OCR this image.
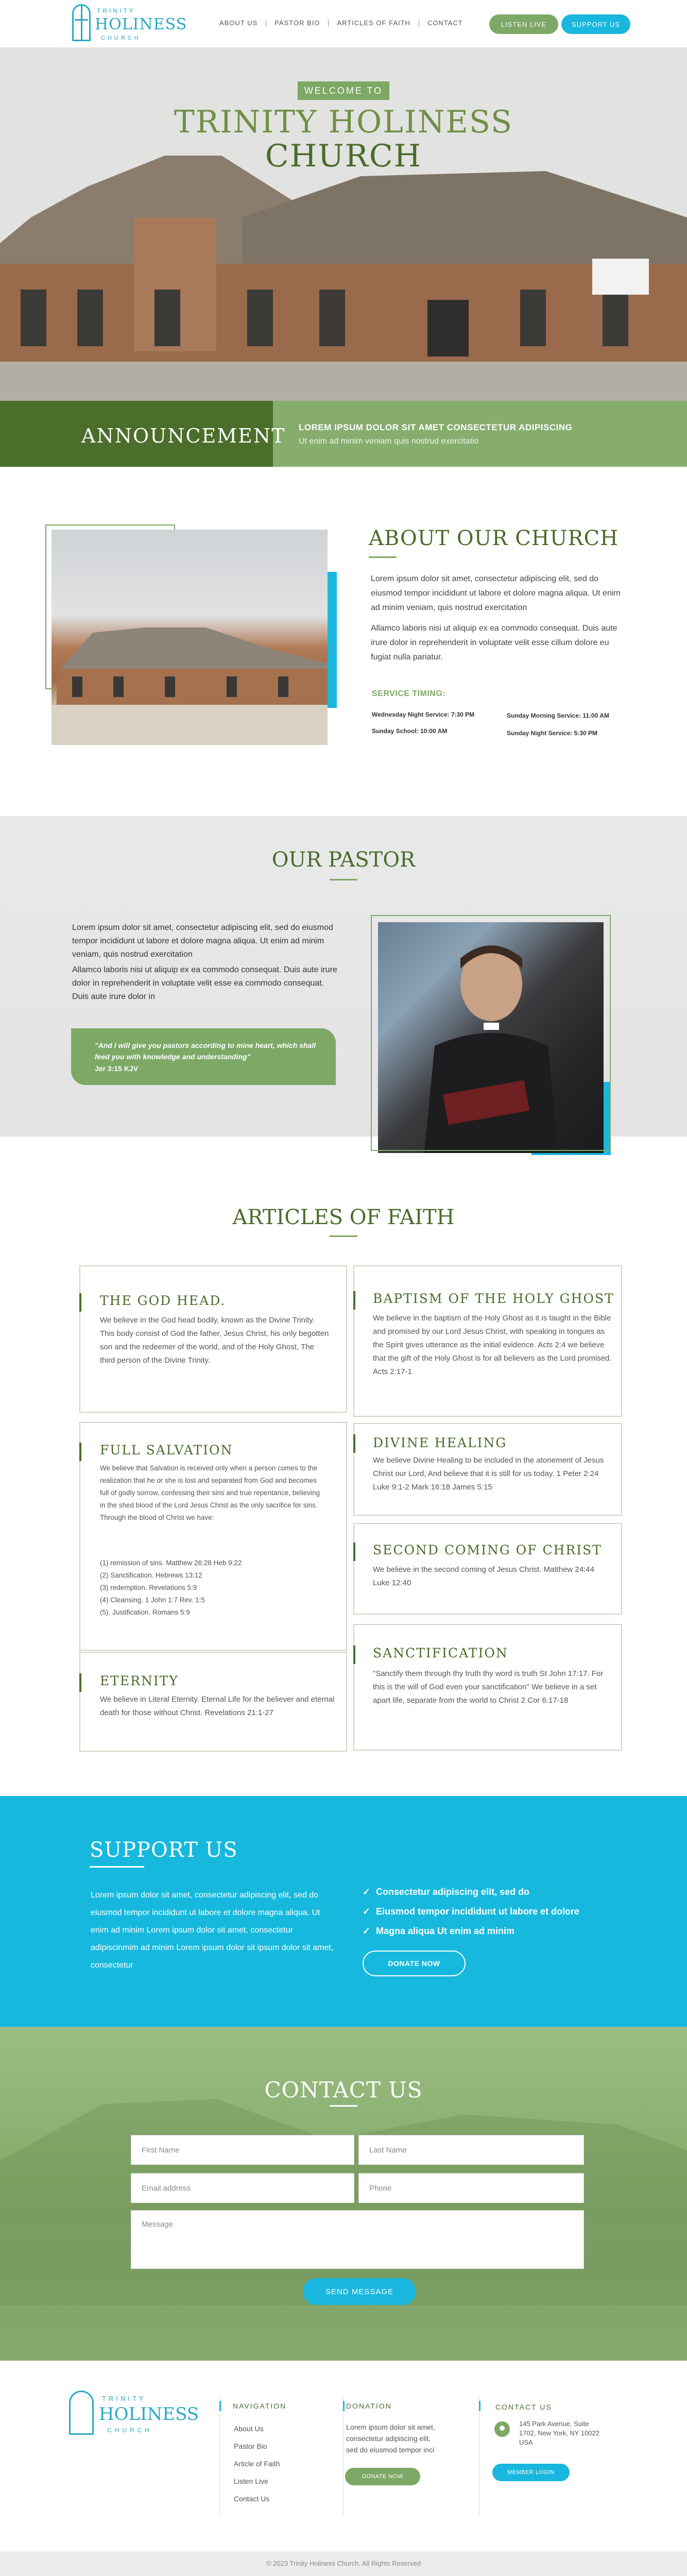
TRINITY
HOLINESS
CHURCH
ABOUT US	PASTOR BIO	ARTICLES OF FAITH	CONTACT	LISTEN LIVE	SUPPORT US
WELCOME TO
TRINITY HOLINESS
CHURCH
ANNOUNCEMENT LOREM IPSUM DOLOR SIT AMET CONSECTETUR ADIPISCING
Ut enim ad minim veniam quis nostrud exercitatio
ABOUT OUR CHURCH
Lorem ipsum dolor sit amet, consectetur adipiscing elit, sed do eiusmod tempor incididunt ut labore et dolore magna aliqua. Ut enim ad minim veniam, quis nostrud exercitation
Allamco laboris nisi ut aliquip ex ea commodo consequat. Duis aute irure dolor in reprehenderit in voluptate velit esse cillum dolore eu fugiat nulla pariatur.
SERVICE TIMING:
Wednesday Night Service: 7:30 PM	Sunday Morning Service: 11:00 AM
Sunday School: 10:00 AM	Sunday Night Service: 5:30 PM
OUR PASTOR
Lorem ipsum dolor sit amet, consectetur adipiscing elit, sed do eiusmod tempor incididunt ut labore et dolore magna aliqua. Ut enim ad minim veniam, quis nostrud exercitation
Allamco laboris nisi ut aliquip ex ea commodo consequat. Duis aute irure dolor in reprehenderit in voluptate velit esse ea commodo consequat. Duis aute irure dolor in
"And I will give you pastors according to mine heart, which shall feed you with knowledge and understanding"
Jer 3:15 KJV
ARTICLES OF FAITH
THE GOD HEAD.
We believe in the God head bodily, known as the Divine Trinity. This body consist of God the father, Jesus Christ, his only begotten son and the redeemer of the world, and of the Holy Ghost, The third person of the Divine Trinity.
BAPTISM OF THE HOLY GHOST
We believe in the baptism of the Holy Ghost as it is taught in the Bible and promised by our Lord Jesus Christ, with speaking in tongues as the Spirit gives utterance as the initial evidence. Acts 2:4 we believe that the gift of the Holy Ghost is for all believers as the Lord promised. Acts 2:17-1
FULL SALVATION
We believe that Salvation is received only when a person comes to the realization that he or she is lost and separated from God and becomes full of godly sorrow, confessing their sins and true repentance, believing in the shed blood of the Lord Jesus Christ as the only sacrifice for sins. Through the blood of Christ we have:
(1) remission of sins. Matthew 26:28 Heb 9:22
(2) Sanctification. Hebrews 13:12
(3) redemption. Revelations 5:9
(4) Cleansing. 1 John 1:7 Rev. 1:5
(5). Justification. Romans 5:9
DIVINE HEALING
We believe Divine Healing to be included in the atonement of Jesus Christ our Lord, And believe that it is still for us today. 1 Peter 2:24 Luke 9:1-2 Mark 16:18 James 5:15
SECOND COMING OF CHRIST
We believe in the second coming of Jesus Christ. Matthew 24:44 Luke 12:40
ETERNITY
We believe in Literal Eternity. Eternal Life for the believer and eternal death for those without Christ. Revelations 21:1-27
SANCTIFICATION
"Sanctify them through thy truth thy word is truth St John 17:17. For this is the will of God even your sanctification" We believe in a set apart life, separate from the world to Christ 2 Cor 6:17-18
SUPPORT US
Lorem ipsum dolor sit amet, consectetur adipiscing elit, sed do eiusmod tempor incididunt ut labore et dolore magna aliqua. Ut enim ad minim Lorem ipsum dolor sit amet, consectetur adipiscinmim ad minim Lorem ipsum dolor sit ipsum dolor sit amet, consectetur
✓ Consectetur adipiscing elit, sed do
✓ Eiusmod tempor incididunt ut labore et dolore
✓ Magna aliqua Ut enim ad minim
DONATE NOW
CONTACT US
First Name	Last Name
Email address	Phone
Message
SEND MESSAGE
TRINITY
HOLINESS
CHURCH
NAVIGATION
About Us
Pastor Bio
Article of Faith
Listen Live
Contact Us
DONATION
Lorem ipsum dolor sit amet, consectetur adipiscing elit, sed do eiusmod tempor inci
DONATE NOW
CONTACT US
145 Park Avenue, Suite 1702, New York, NY 10022 USA
MEMBER LOGIN
© 2023 Trinity Holiness Church. All Rights Reserved
